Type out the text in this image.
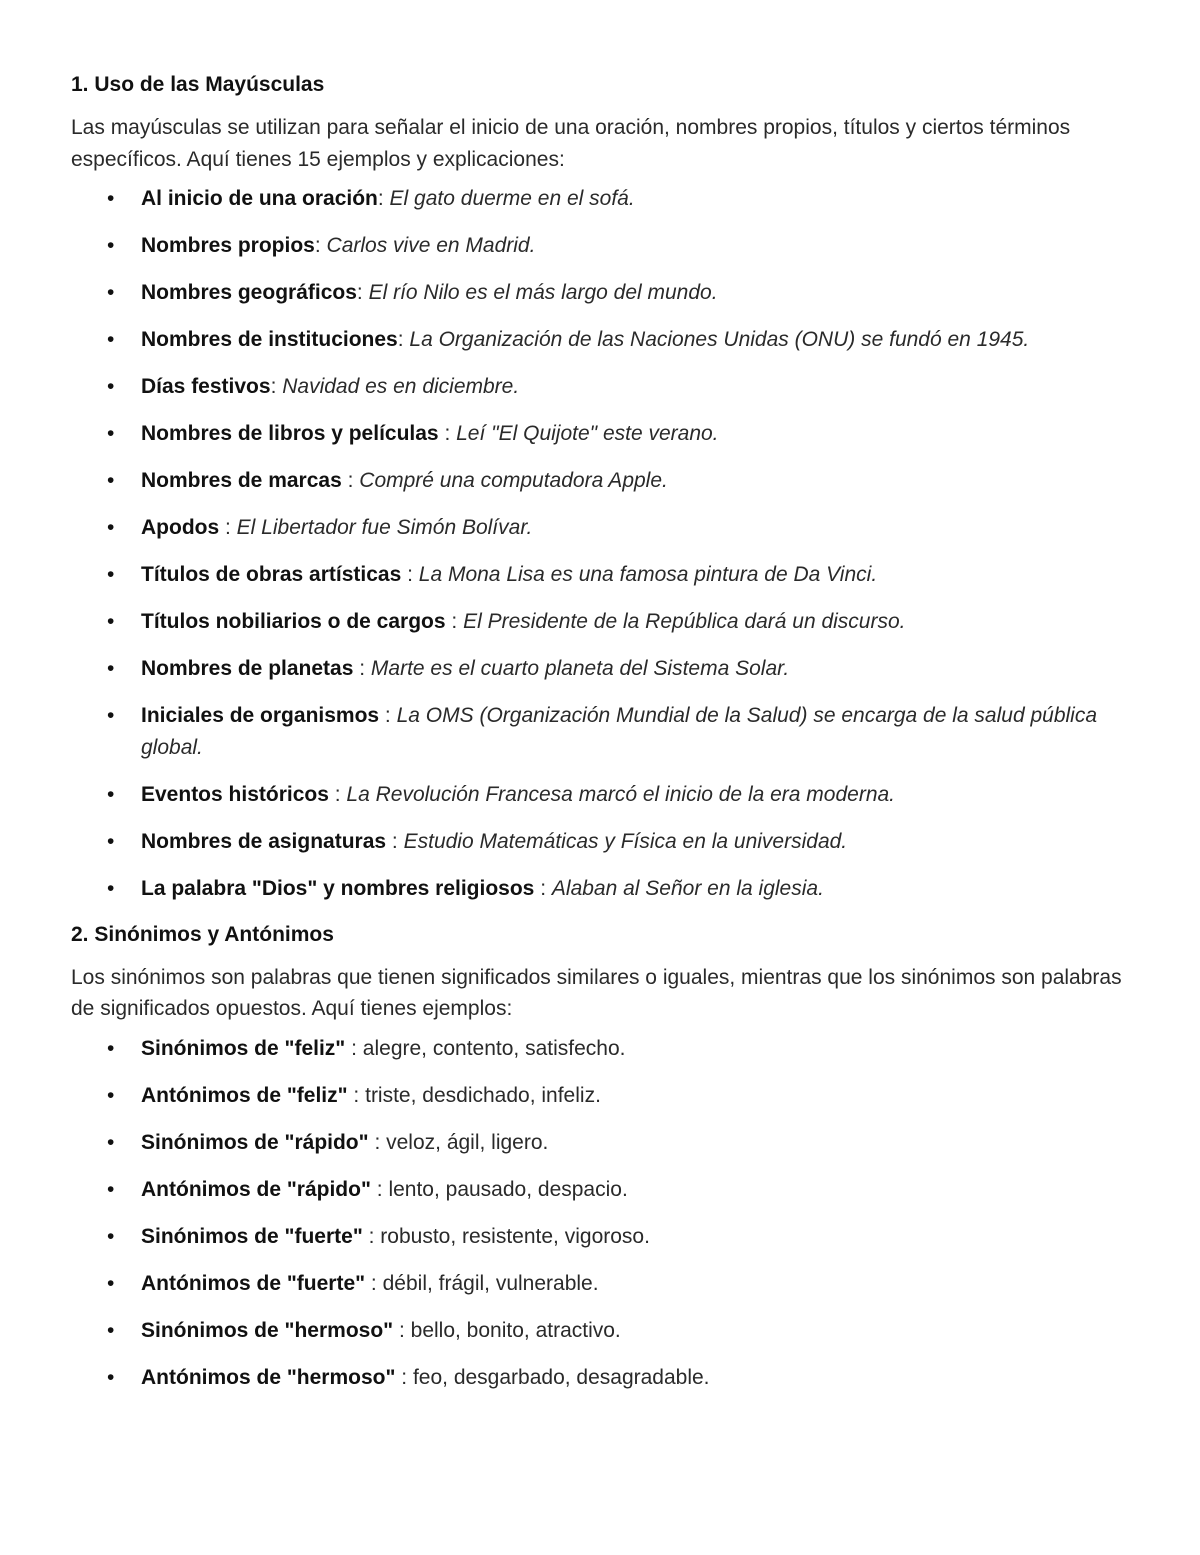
1. Uso de las Mayúsculas

Las mayúsculas se utilizan para señalar el inicio de una oración, nombres propios, títulos y ciertos términos específicos. Aquí tienes 15 ejemplos y explicaciones:

• Al inicio de una oración: El gato duerme en el sofá.
• Nombres propios: Carlos vive en Madrid.
• Nombres geográficos: El río Nilo es el más largo del mundo.
• Nombres de instituciones: La Organización de las Naciones Unidas (ONU) se fundó en 1945.
• Días festivos: Navidad es en diciembre.
• Nombres de libros y películas : Leí "El Quijote" este verano.
• Nombres de marcas : Compré una computadora Apple.
• Apodos : El Libertador fue Simón Bolívar.
• Títulos de obras artísticas : La Mona Lisa es una famosa pintura de Da Vinci.
• Títulos nobiliarios o de cargos : El Presidente de la República dará un discurso.
• Nombres de planetas : Marte es el cuarto planeta del Sistema Solar.
• Iniciales de organismos : La OMS (Organización Mundial de la Salud) se encarga de la salud pública global.
• Eventos históricos : La Revolución Francesa marcó el inicio de la era moderna.
• Nombres de asignaturas : Estudio Matemáticas y Física en la universidad.
• La palabra "Dios" y nombres religiosos : Alaban al Señor en la iglesia.
2. Sinónimos y Antónimos

Los sinónimos son palabras que tienen significados similares o iguales, mientras que los sinónimos son palabras de significados opuestos. Aquí tienes ejemplos:

• Sinónimos de "feliz" : alegre, contento, satisfecho.
• Antónimos de "feliz" : triste, desdichado, infeliz.
• Sinónimos de "rápido" : veloz, ágil, ligero.
• Antónimos de "rápido" : lento, pausado, despacio.
• Sinónimos de "fuerte" : robusto, resistente, vigoroso.
• Antónimos de "fuerte" : débil, frágil, vulnerable.
• Sinónimos de "hermoso" : bello, bonito, atractivo.
• Antónimos de "hermoso" : feo, desgarbado, desagradable.
